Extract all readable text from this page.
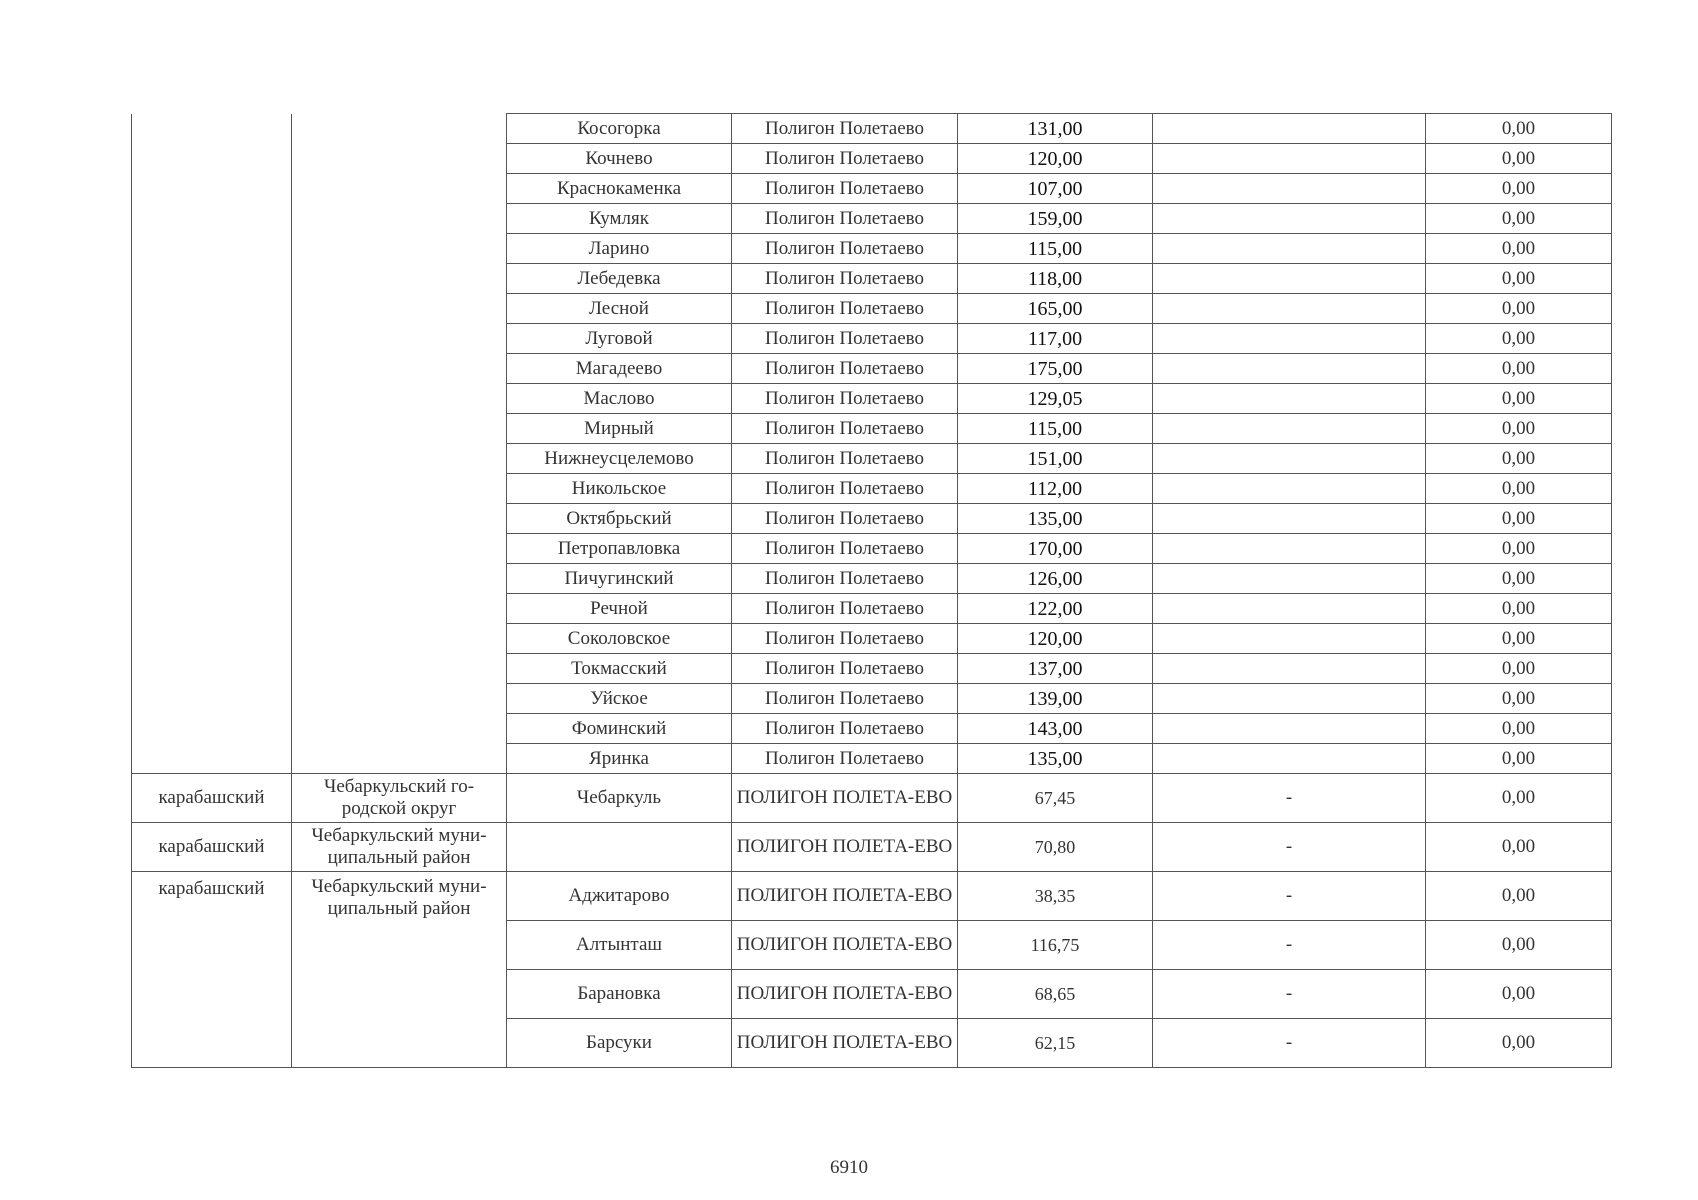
		Косогорка	Полигон Полетаево	131,00		0,00
		Кочнево	Полигон Полетаево	120,00		0,00
		Краснокаменка	Полигон Полетаево	107,00		0,00
		Кумляк	Полигон Полетаево	159,00		0,00
		Ларино	Полигон Полетаево	115,00		0,00
		Лебедевка	Полигон Полетаево	118,00		0,00
		Лесной	Полигон Полетаево	165,00		0,00
		Луговой	Полигон Полетаево	117,00		0,00
		Магадеево	Полигон Полетаево	175,00		0,00
		Маслово	Полигон Полетаево	129,05		0,00
		Мирный	Полигон Полетаево	115,00		0,00
		Нижнеусцелемово	Полигон Полетаево	151,00		0,00
		Никольское	Полигон Полетаево	112,00		0,00
		Октябрьский	Полигон Полетаево	135,00		0,00
		Петропавловка	Полигон Полетаево	170,00		0,00
		Пичугинский	Полигон Полетаево	126,00		0,00
		Речной	Полигон Полетаево	122,00		0,00
		Соколовское	Полигон Полетаево	120,00		0,00
		Токмасский	Полигон Полетаево	137,00		0,00
		Уйское	Полигон Полетаево	139,00		0,00
		Фоминский	Полигон Полетаево	143,00		0,00
		Яринка	Полигон Полетаево	135,00		0,00
карабашский	Чебаркульский го-родской округ	Чебаркуль	ПОЛИГОН ПОЛЕТА-ЕВО	67,45	-	0,00
карабашский	Чебаркульский муни-ципальный район		ПОЛИГОН ПОЛЕТА-ЕВО	70,80	-	0,00
карабашский	Чебаркульский муни-ципальный район	Аджитарово	ПОЛИГОН ПОЛЕТА-ЕВО	38,35	-	0,00
		Алтынташ	ПОЛИГОН ПОЛЕТА-ЕВО	116,75	-	0,00
		Барановка	ПОЛИГОН ПОЛЕТА-ЕВО	68,65	-	0,00
		Барсуки	ПОЛИГОН ПОЛЕТА-ЕВО	62,15	-	0,00
6910
